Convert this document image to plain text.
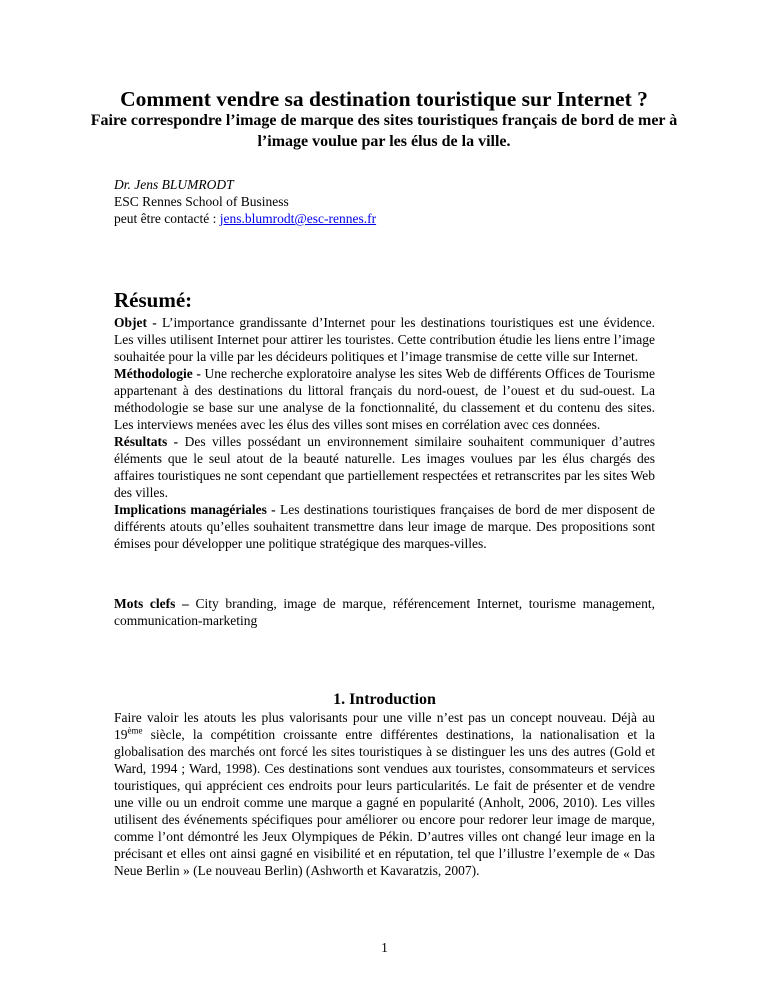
Comment vendre sa destination touristique sur Internet ?
Faire correspondre l’image de marque des sites touristiques français de bord de mer à l’image voulue par les élus de la ville.
Dr. Jens BLUMRODT
ESC Rennes School of Business
peut être contacté : jens.blumrodt@esc-rennes.fr
Résumé:

Objet - L’importance grandissante d’Internet pour les destinations touristiques est une évidence. Les villes utilisent Internet pour attirer les touristes. Cette contribution étudie les liens entre l’image souhaitée pour la ville par les décideurs politiques et l’image transmise de cette ville sur Internet.

Méthodologie - Une recherche exploratoire analyse les sites Web de différents Offices de Tourisme appartenant à des destinations du littoral français du nord-ouest, de l’ouest et du sud-ouest. La méthodologie se base sur une analyse de la fonctionnalité, du classement et du contenu des sites. Les interviews menées avec les élus des villes sont mises en corrélation avec ces données.

Résultats - Des villes possédant un environnement similaire souhaitent communiquer d’autres éléments que le seul atout de la beauté naturelle. Les images voulues par les élus chargés des affaires touristiques ne sont cependant que partiellement respectées et retranscrites par les sites Web des villes.

Implications managériales - Les destinations touristiques françaises de bord de mer disposent de différents atouts qu’elles souhaitent transmettre dans leur image de marque. Des propositions sont émises pour développer une politique stratégique des marques-villes.

Mots clefs – City branding, image de marque, référencement Internet, tourisme management, communication-marketing

1. Introduction

Faire valoir les atouts les plus valorisants pour une ville n’est pas un concept nouveau. Déjà au 19ème siècle, la compétition croissante entre différentes destinations, la nationalisation et la globalisation des marchés ont forcé les sites touristiques à se distinguer les uns des autres (Gold et Ward, 1994 ; Ward, 1998). Ces destinations sont vendues aux touristes, consommateurs et services touristiques, qui apprécient ces endroits pour leurs particularités. Le fait de présenter et de vendre une ville ou un endroit comme une marque a gagné en popularité (Anholt, 2006, 2010). Les villes utilisent des événements spécifiques pour améliorer ou encore pour redorer leur image de marque, comme l’ont démontré les Jeux Olympiques de Pékin. D’autres villes ont changé leur image en la précisant et elles ont ainsi gagné en visibilité et en réputation, tel que l’illustre l’exemple de « Das Neue Berlin » (Le nouveau Berlin) (Ashworth et Kavaratzis, 2007).

1
